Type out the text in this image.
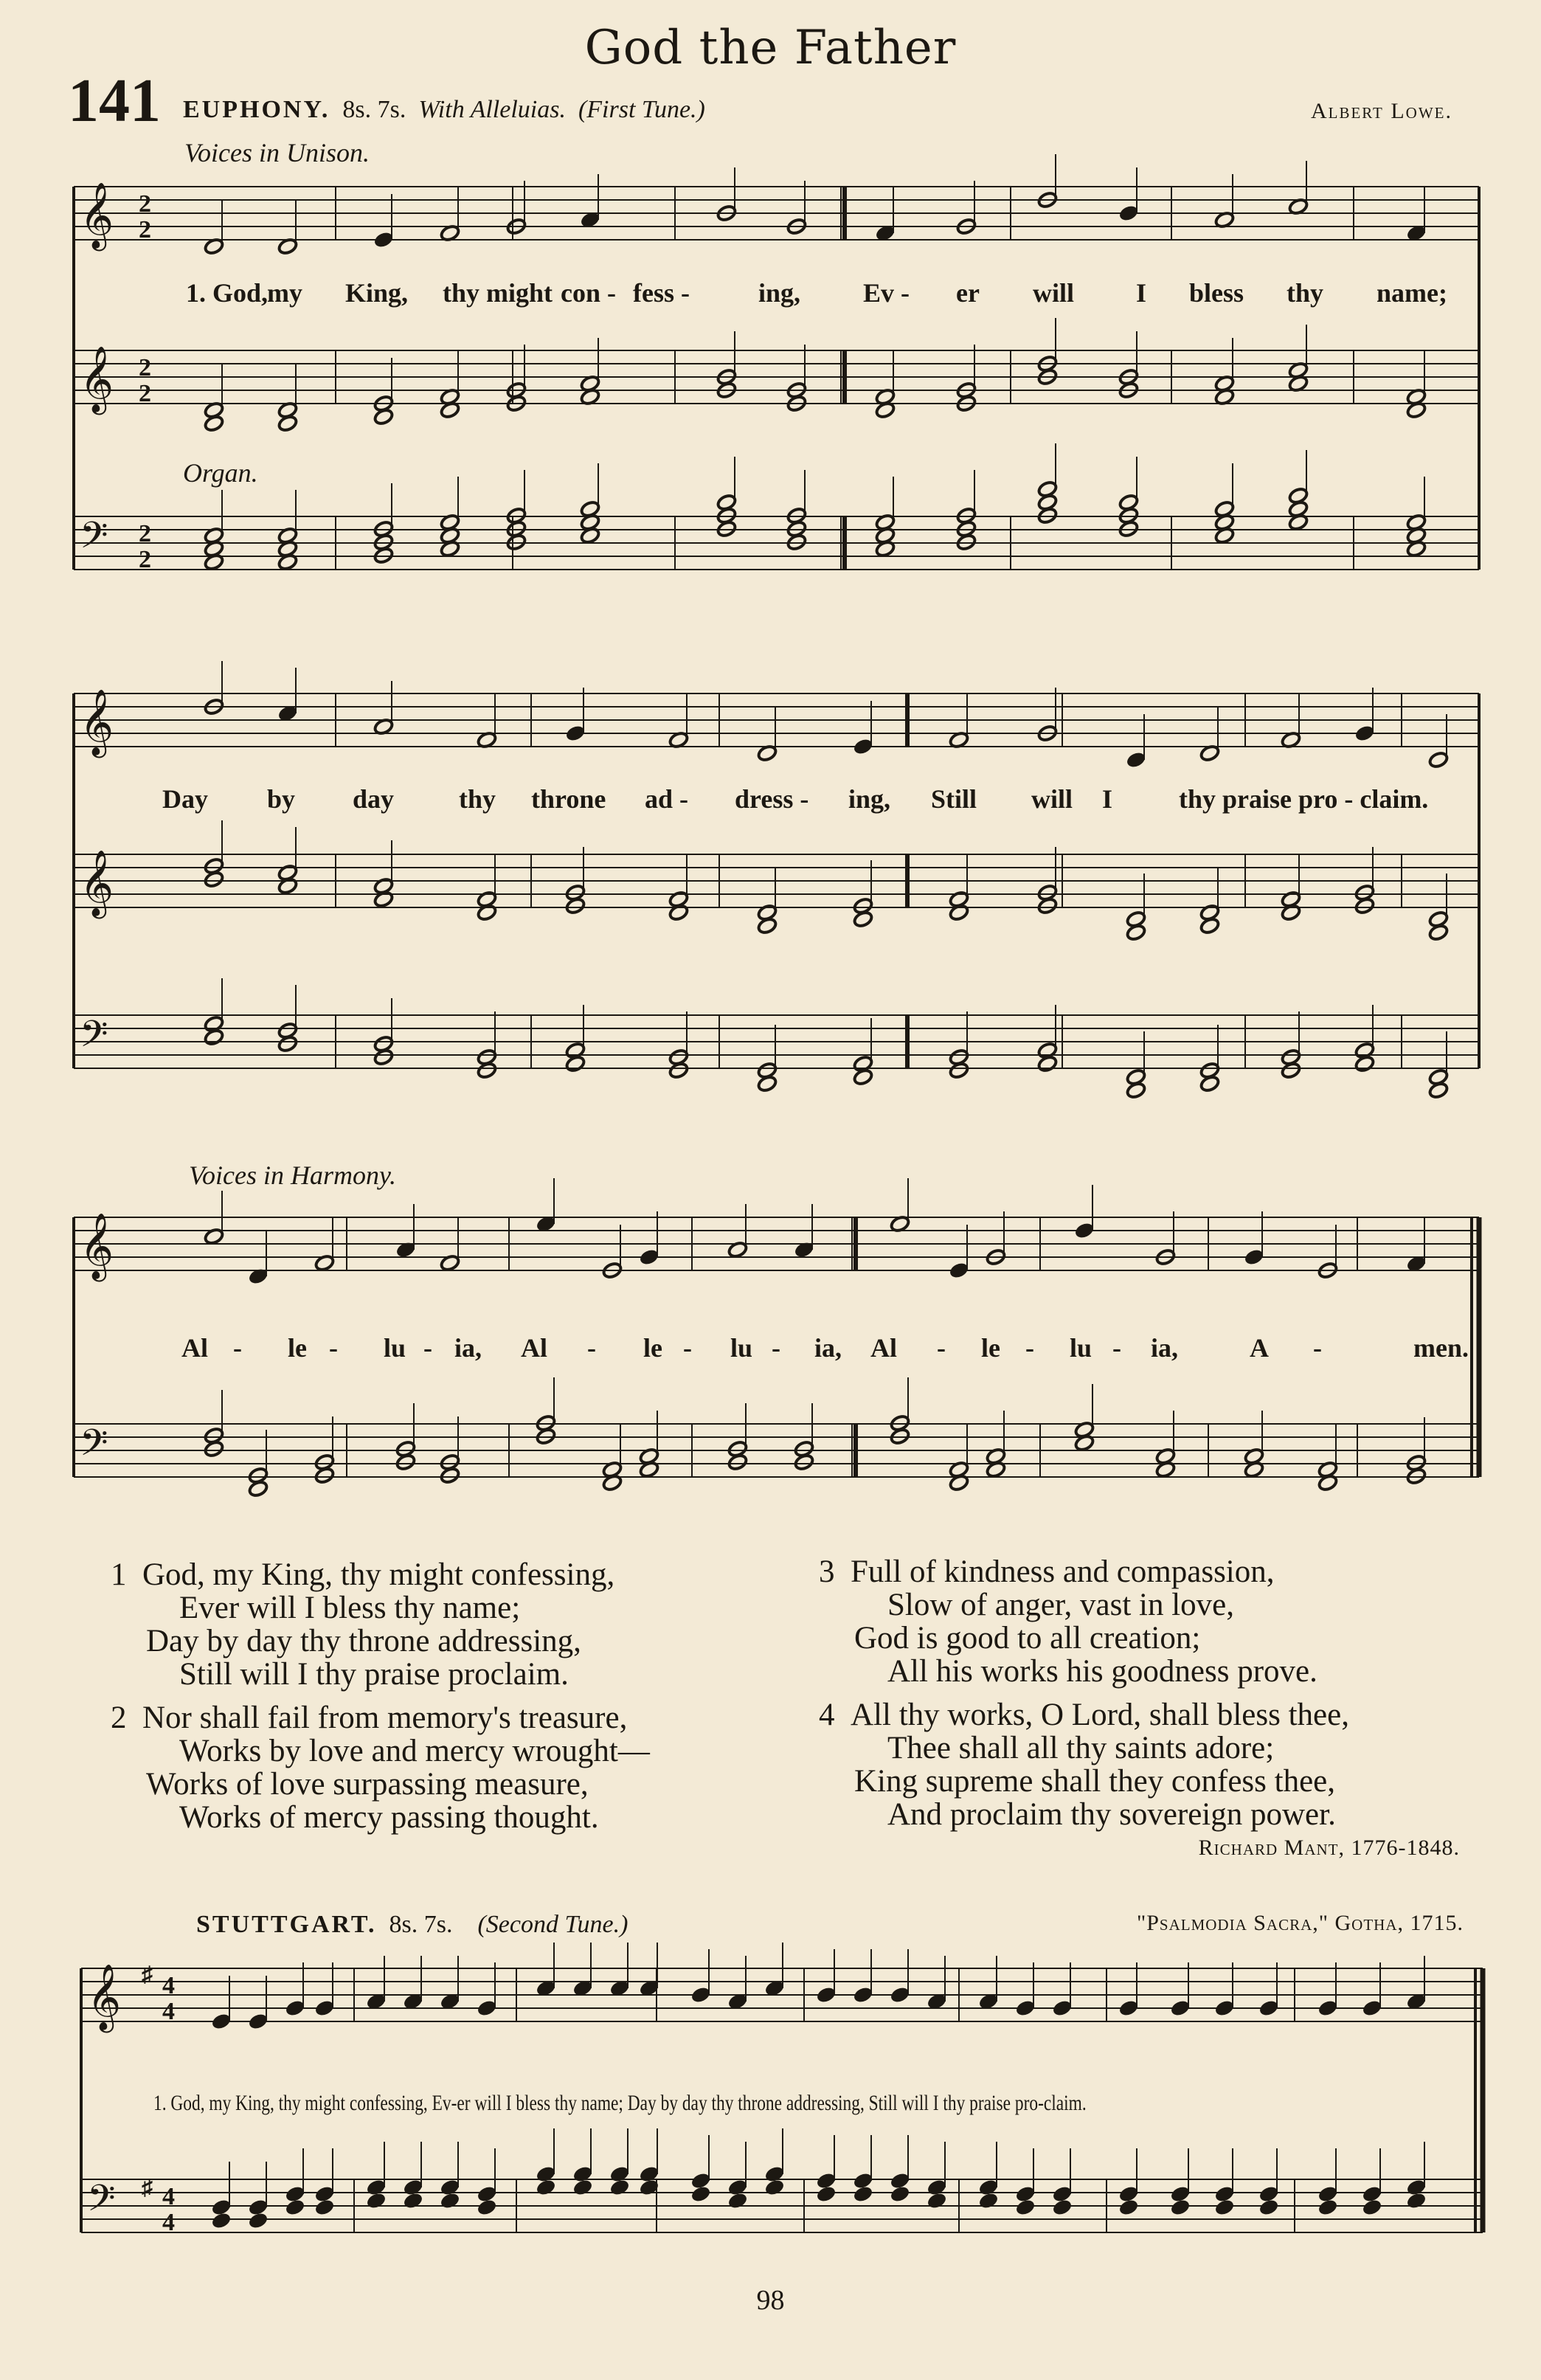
God the Father
141 EUPHONY. 8s. 7s. With Alleluias. (First Tune.)	Albert Lowe.
𝄞
𝄞
𝄢
𝄞
𝄞
𝄢
𝄞
𝄢
𝄞
𝄢
2
2
2
2
2
2
4
4
4
4
♯
♯
Voices in Unison.
Organ.
Voices in Harmony.
1. God,
my King, thy might con - fess -	ing, Ev - er will I bless thy name;
Day by day thy throne ad - dress - ing, Still will I thy praise pro - claim.
Al - le - lu - ia, Al - le - lu - ia, Al - le - lu - ia,	A -	men.
1 God, my King, thy might confessing,
Ever will I bless thy name;
Day by day thy throne addressing,
Still will I thy praise proclaim.
2 Nor shall fail from memory's treasure,
Works by love and mercy wrought—
Works of love surpassing measure,
Works of mercy passing thought.
3 Full of kindness and compassion,
Slow of anger, vast in love,
God is good to all creation;
All his works his goodness prove.
4 All thy works, O Lord, shall bless thee,
Thee shall all thy saints adore;
King supreme shall they confess thee,
And proclaim thy sovereign power.
Richard Mant, 1776-1848.
STUTTGART. 8s. 7s. (Second Tune.)	"Psalmodia Sacra," Gotha, 1715.
1. God, my King, thy might confessing, Ev-er will I bless thy name; Day by day thy throne addressing, Still will I thy praise pro-claim.
98
